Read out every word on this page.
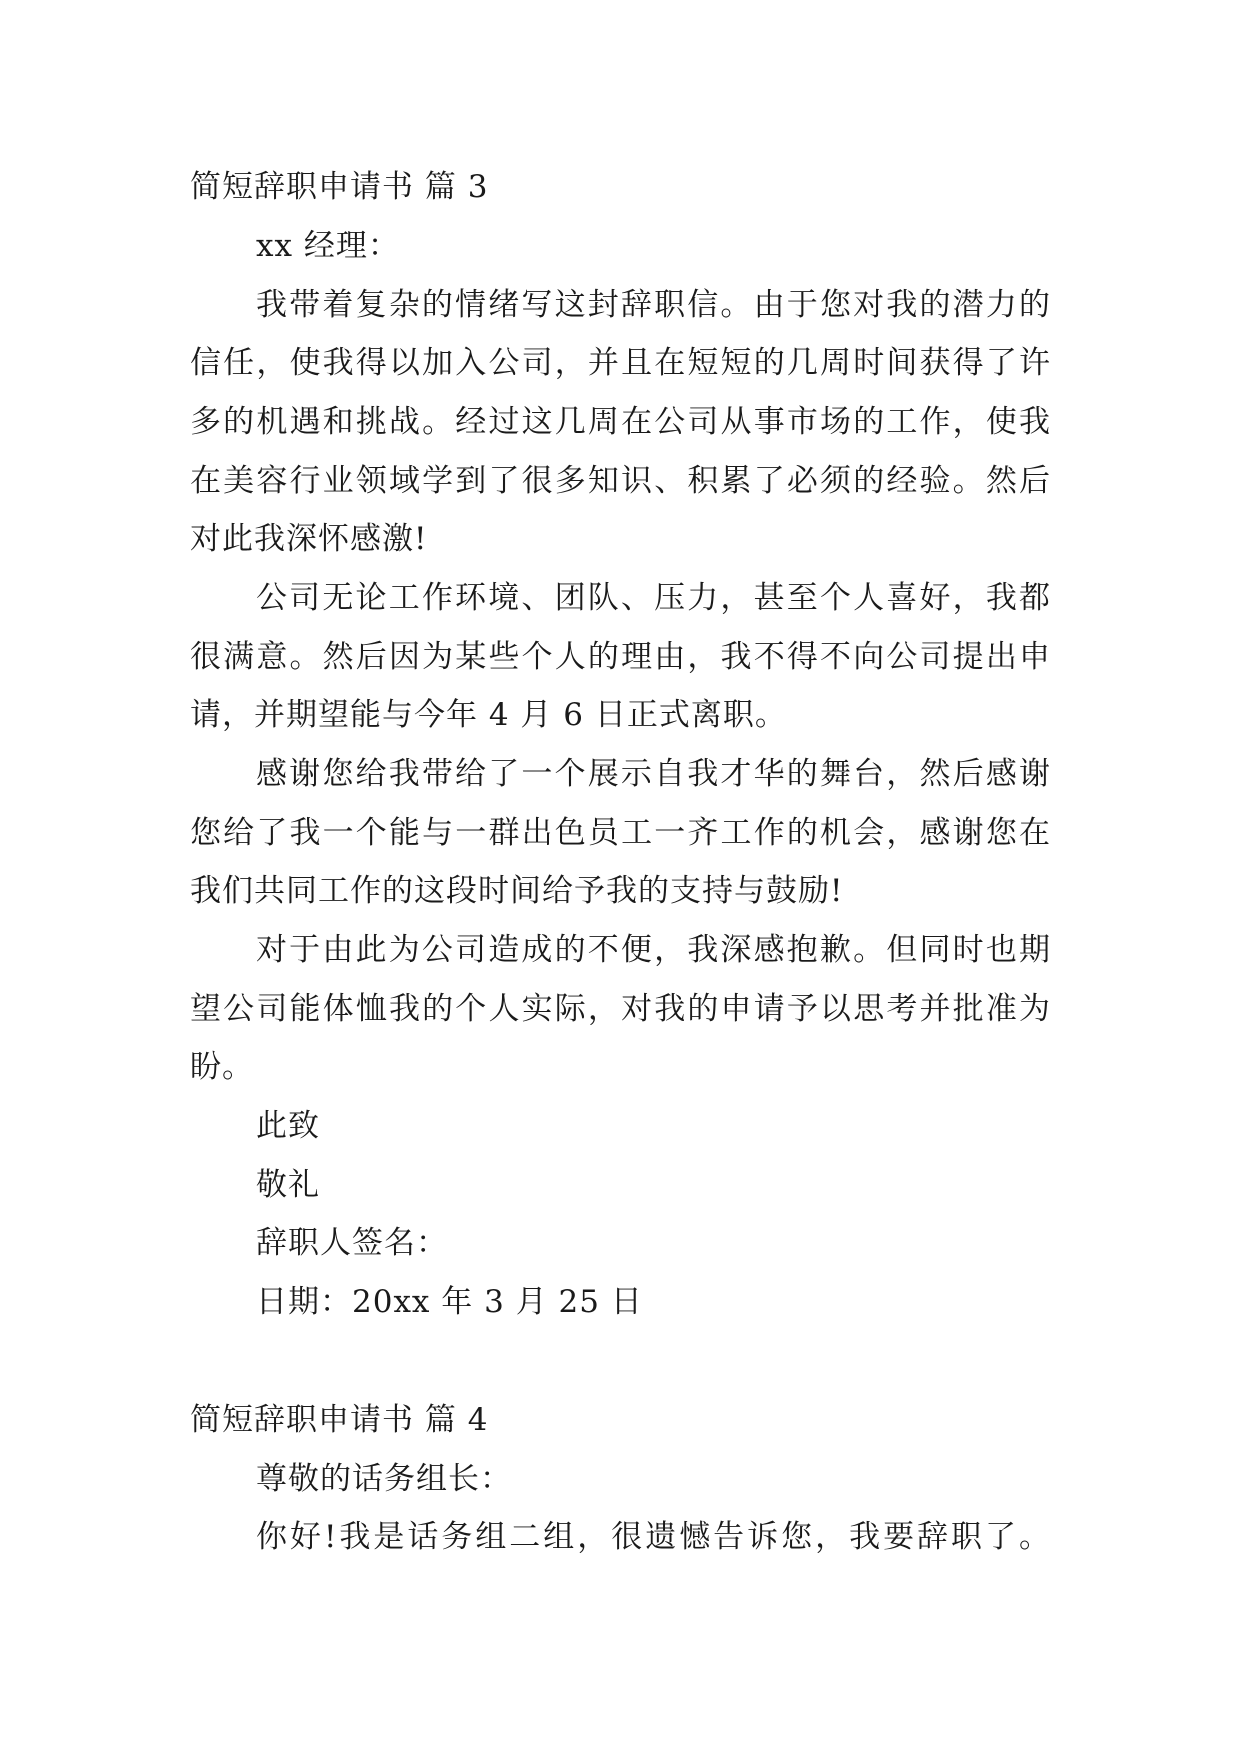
简短辞职申请书 篇 3
xx 经理：
我带着复杂的情绪写这封辞职信。由于您对我的潜力的
信任，使我得以加入公司，并且在短短的几周时间获得了许
多的机遇和挑战。经过这几周在公司从事市场的工作，使我
在美容行业领域学到了很多知识、积累了必须的经验。然后
对此我深怀感激!
公司无论工作环境、团队、压力，甚至个人喜好，我都
很满意。然后因为某些个人的理由，我不得不向公司提出申
请，并期望能与今年 4 月 6 日正式离职。
感谢您给我带给了一个展示自我才华的舞台，然后感谢
您给了我一个能与一群出色员工一齐工作的机会，感谢您在
我们共同工作的这段时间给予我的支持与鼓励!
对于由此为公司造成的不便，我深感抱歉。但同时也期
望公司能体恤我的个人实际，对我的申请予以思考并批准为
盼。
此致
敬礼
辞职人签名：
日期：20xx 年 3 月 25 日
简短辞职申请书 篇 4
尊敬的话务组长：
你好!我是话务组二组，很遗憾告诉您，我要辞职了。
